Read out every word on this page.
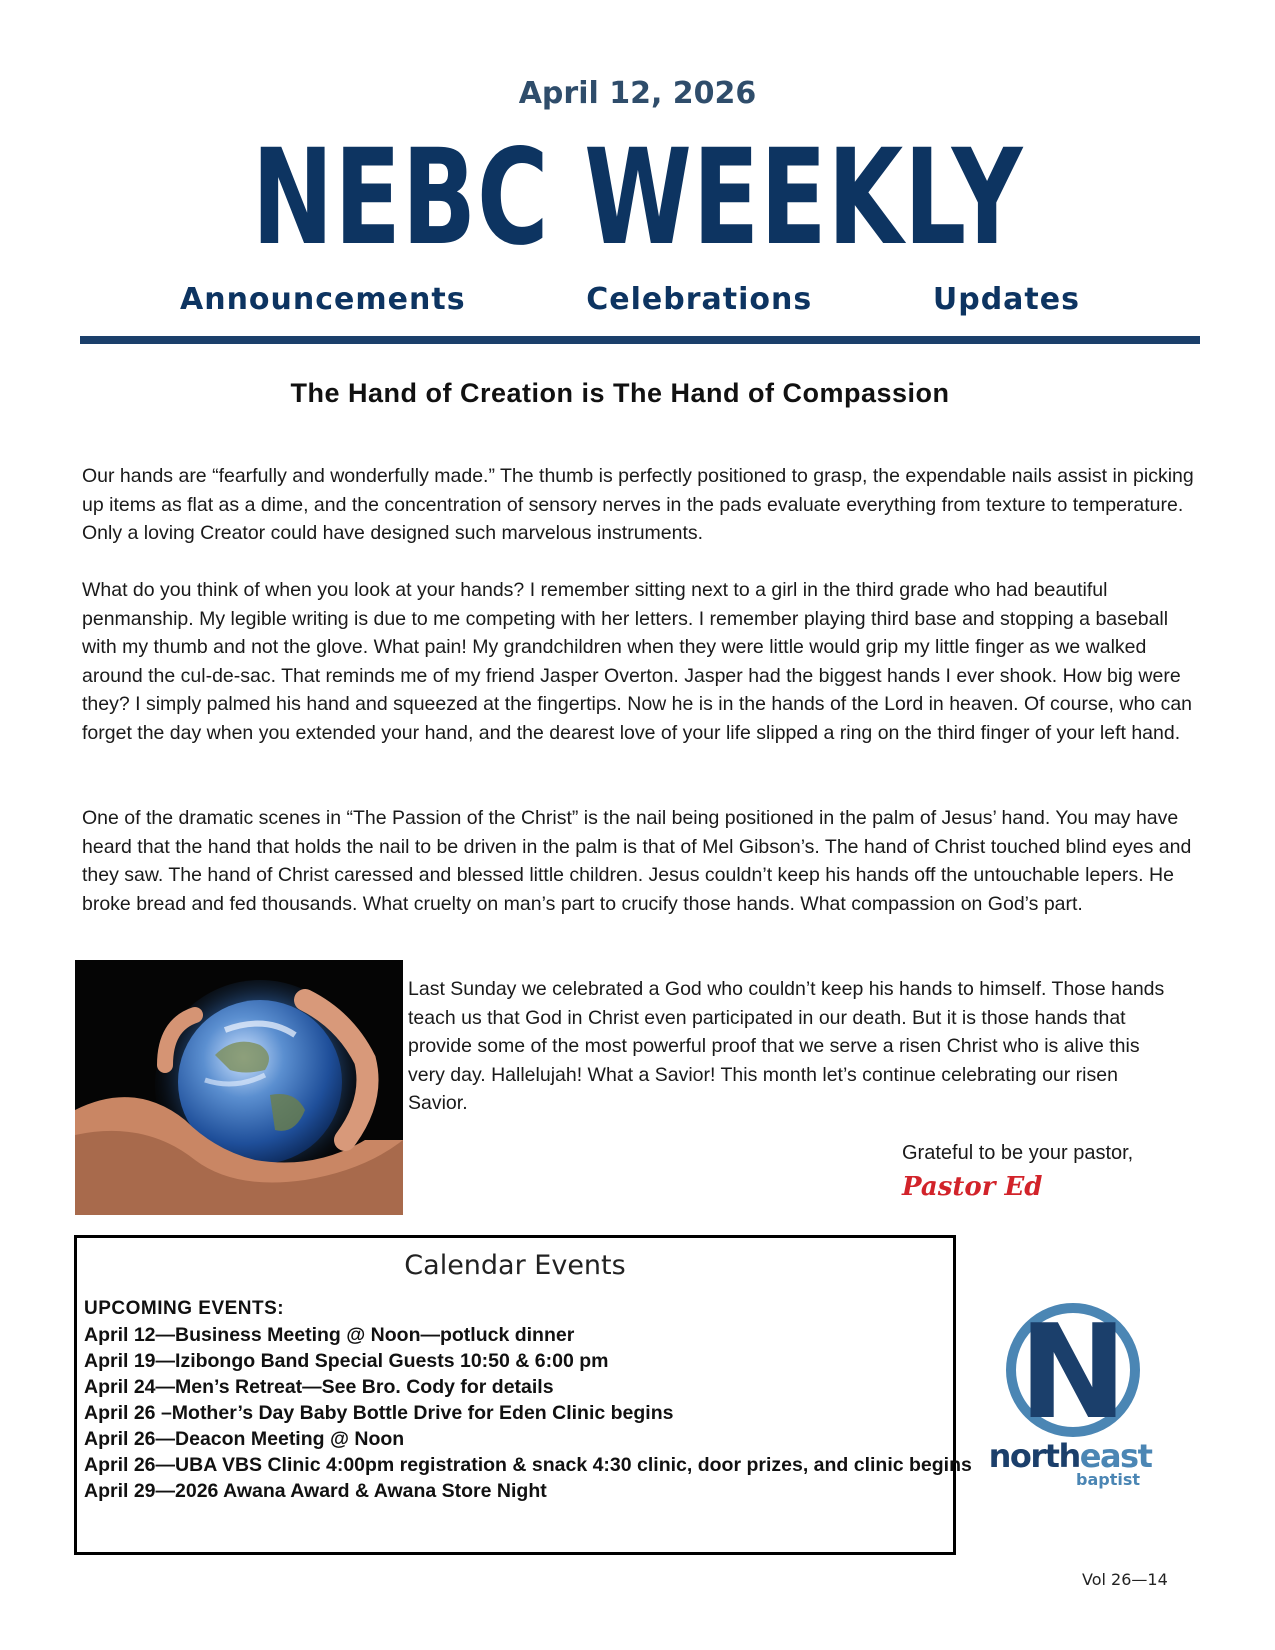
April 12, 2026
NEBC WEEKLY
Announcements	Celebrations	Updates
The Hand of Creation is The Hand of Compassion
Our hands are “fearfully and wonderfully made.” The thumb is perfectly positioned to grasp, the expendable nails assist in picking up items as flat as a dime, and the concentration of sensory nerves in the pads evaluate everything from texture to temperature. Only a loving Creator could have designed such marvelous instruments.
What do you think of when you look at your hands? I remember sitting next to a girl in the third grade who had beautiful penmanship. My legible writing is due to me competing with her letters. I remember playing third base and stopping a baseball with my thumb and not the glove. What pain! My grandchildren when they were little would grip my little finger as we walked around the cul-de-sac. That reminds me of my friend Jasper Overton. Jasper had the biggest hands I ever shook. How big were they? I simply palmed his hand and squeezed at the fingertips. Now he is in the hands of the Lord in heaven. Of course, who can forget the day when you extended your hand, and the dearest love of your life slipped a ring on the third finger of your left hand.
One of the dramatic scenes in “The Passion of the Christ” is the nail being positioned in the palm of Jesus’ hand. You may have heard that the hand that holds the nail to be driven in the palm is that of Mel Gibson’s. The hand of Christ touched blind eyes and they saw. The hand of Christ caressed and blessed little children. Jesus couldn’t keep his hands off the untouchable lepers. He broke bread and fed thousands. What cruelty on man’s part to crucify those hands. What compassion on God’s part.
Last Sunday we celebrated a God who couldn’t keep his hands to himself. Those hands teach us that God in Christ even participated in our death. But it is those hands that provide some of the most powerful proof that we serve a risen Christ who is alive this very day. Hallelujah! What a Savior! This month let’s continue celebrating our risen Savior.
Grateful to be your pastor,
Pastor Ed
Calendar Events
UPCOMING EVENTS:
April 12—Business Meeting @ Noon—potluck dinner
April 19—Izibongo Band Special Guests 10:50 & 6:00 pm
April 24—Men’s Retreat—See Bro. Cody for details
April 26 –Mother’s Day Baby Bottle Drive for Eden Clinic begins
April 26—Deacon Meeting @ Noon
April 26—UBA VBS Clinic 4:00pm registration & snack 4:30 clinic, door prizes, and clinic begins
April 29—2026 Awana Award & Awana Store Night
N
northeast
baptist
Vol 26—14
